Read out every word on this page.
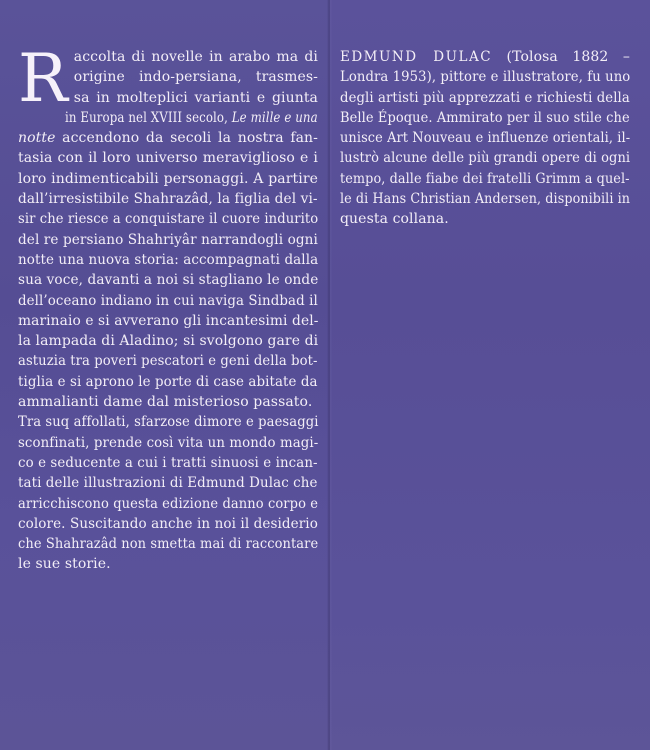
R accolta di novelle in arabo ma di
origine indo-persiana, trasmes-
sa in molteplici varianti e giunta
in Europa nel XVIII secolo, Le mille e una
notte accendono da secoli la nostra fan-
tasia con il loro universo meraviglioso e i
loro indimenticabili personaggi. A partire
dall’irresistibile Shahrazâd, la figlia del vi-
sir che riesce a conquistare il cuore indurito
del re persiano Shahriyâr narrandogli ogni
notte una nuova storia: accompagnati dalla
sua voce, davanti a noi si stagliano le onde
dell’oceano indiano in cui naviga Sindbad il
marinaio e si avverano gli incantesimi del-
la lampada di Aladino; si svolgono gare di
astuzia tra poveri pescatori e geni della bot-
tiglia e si aprono le porte di case abitate da
ammalianti dame dal misterioso passato.
Tra suq affollati, sfarzose dimore e paesaggi
sconfinati, prende così vita un mondo magi-
co e seducente a cui i tratti sinuosi e incan-
tati delle illustrazioni di Edmund Dulac che
arricchiscono questa edizione danno corpo e
colore. Suscitando anche in noi il desiderio
che Shahrazâd non smetta mai di raccontare
le sue storie.
EDMUND DULAC (Tolosa 1882 –
Londra 1953), pittore e illustratore, fu uno
degli artisti più apprezzati e richiesti della
Belle Époque. Ammirato per il suo stile che
unisce Art Nouveau e influenze orientali, il-
lustrò alcune delle più grandi opere di ogni
tempo, dalle fiabe dei fratelli Grimm a quel-
le di Hans Christian Andersen, disponibili in
questa collana.
